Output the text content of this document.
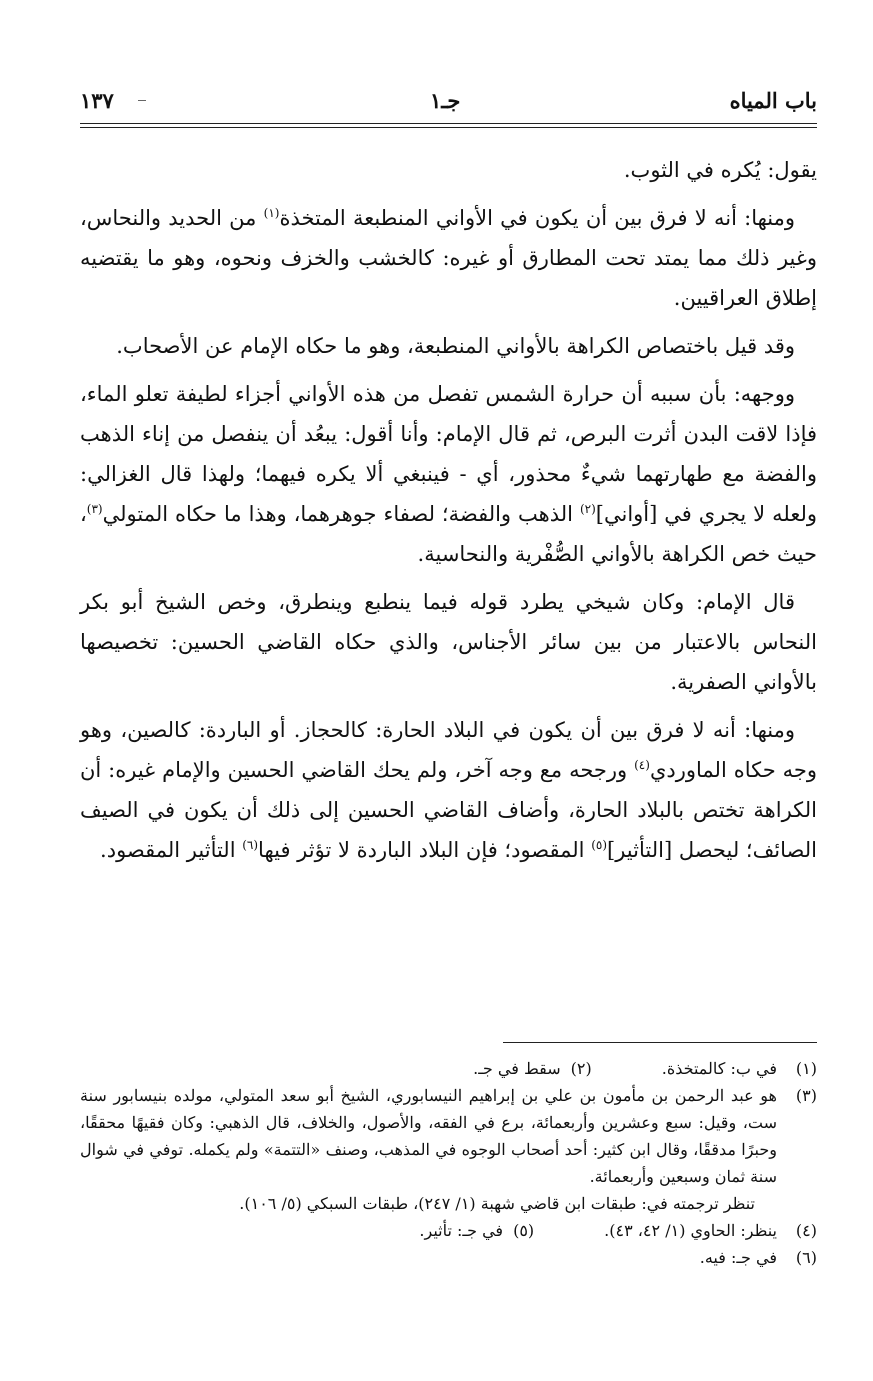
باب المياه
جـ١
١٣٧

يقول: يُكره في الثوب.

ومنها: أنه لا فرق بين أن يكون في الأواني المنطبعة المتخذة$^{(١)}$ من الحديد والنحاس، وغير ذلك مما يمتد تحت المطارق أو غيره: كالخشب والخزف ونحوه، وهو ما يقتضيه إطلاق العراقيين.

وقد قيل باختصاص الكراهة بالأواني المنطبعة، وهو ما حكاه الإمام عن الأصحاب.

ووجهه: بأن سببه أن حرارة الشمس تفصل من هذه الأواني أجزاء لطيفة تعلو الماء، فإذا لاقت البدن أثرت البرص، ثم قال الإمام: وأنا أقول: يبعُد أن ينفصل من إناء الذهب والفضة مع طهارتهما شيءٌ محذور، أي - فينبغي ألا يكره فيهما؛ ولهذا قال الغزالي: ولعله لا يجري في [أواني]$^{(٢)}$ الذهب والفضة؛ لصفاء جوهرهما، وهذا ما حكاه المتولي$^{(٣)}$، حيث خص الكراهة بالأواني الصُّفْرية والنحاسية.

قال الإمام: وكان شيخي يطرد قوله فيما ينطبع وينطرق، وخص الشيخ أبو بكر النحاس بالاعتبار من بين سائر الأجناس، والذي حكاه القاضي الحسين: تخصيصها بالأواني الصفرية.

ومنها: أنه لا فرق بين أن يكون في البلاد الحارة: كالحجاز. أو الباردة: كالصين، وهو وجه حكاه الماوردي$^{(٤)}$ ورجحه مع وجه آخر، ولم يحك القاضي الحسين والإمام غيره: أن الكراهة تختص بالبلاد الحارة، وأضاف القاضي الحسين إلى ذلك أن يكون في الصيف الصائف؛ ليحصل [التأثير]$^{(٥)}$ المقصود؛ فإن البلاد الباردة لا تؤثر فيها$^{(٦)}$ التأثير المقصود.

(١)
في ب: كالمتخذة.
(٢)
سقط في جـ.
(٣)
هو عبد الرحمن بن مأمون بن علي بن إبراهيم النيسابوري، الشيخ أبو سعد المتولي، مولده بنيسابور سنة ست، وقيل: سبع وعشرين وأربعمائة، برع في الفقه، والأصول، والخلاف، قال الذهبي: وكان فقيهًا محققًا، وحبرًا مدققًا، وقال ابن كثير: أحد أصحاب الوجوه في المذهب، وصنف «التتمة» ولم يكمله. توفي في شوال سنة ثمان وسبعين وأربعمائة.
تنظر ترجمته في: طبقات ابن قاضي شهبة (١/ ٢٤٧)، طبقات السبكي (٥/ ١٠٦).
(٤)
ينظر: الحاوي (١/ ٤٢، ٤٣).
(٥)
في جـ: تأثير.
(٦)
في جـ: فيه.
